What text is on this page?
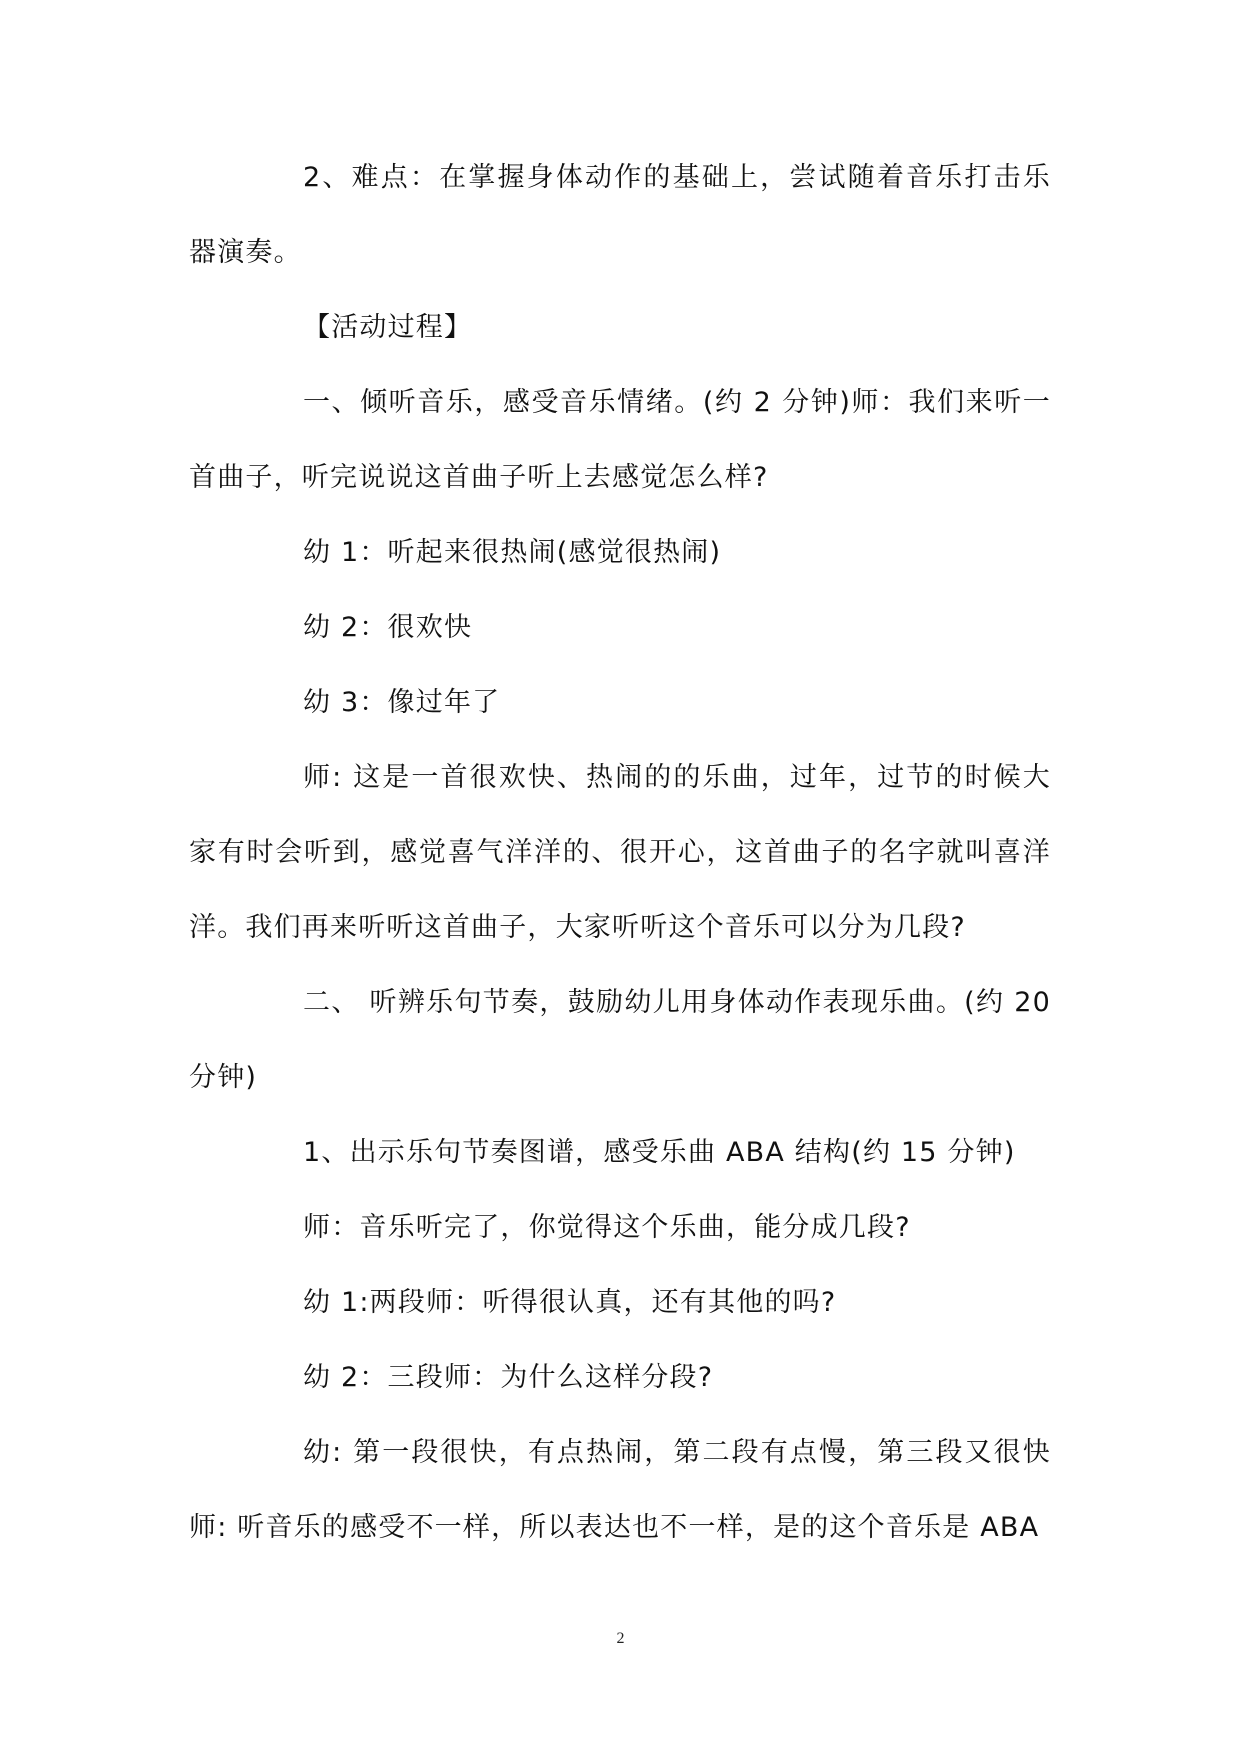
2、难点：在掌握身体动作的基础上，尝试随着音乐打击乐器演奏。

【活动过程】

一、倾听音乐，感受音乐情绪。(约 2 分钟)师：我们来听一首曲子，听完说说这首曲子听上去感觉怎么样?

幼 1：听起来很热闹(感觉很热闹)

幼 2：很欢快

幼 3：像过年了

师: 这是一首很欢快、热闹的的乐曲，过年，过节的时候大家有时会听到，感觉喜气洋洋的、很开心，这首曲子的名字就叫喜洋洋。我们再来听听这首曲子，大家听听这个音乐可以分为几段?

二、 听辨乐句节奏，鼓励幼儿用身体动作表现乐曲。(约 20 分钟)

1、出示乐句节奏图谱，感受乐曲 ABA 结构(约 15 分钟)

师：音乐听完了，你觉得这个乐曲，能分成几段?

幼 1:两段师：听得很认真，还有其他的吗?

幼 2：三段师：为什么这样分段?

幼: 第一段很快，有点热闹，第二段有点慢，第三段又很快师: 听音乐的感受不一样，所以表达也不一样，是的这个音乐是 ABA

2
